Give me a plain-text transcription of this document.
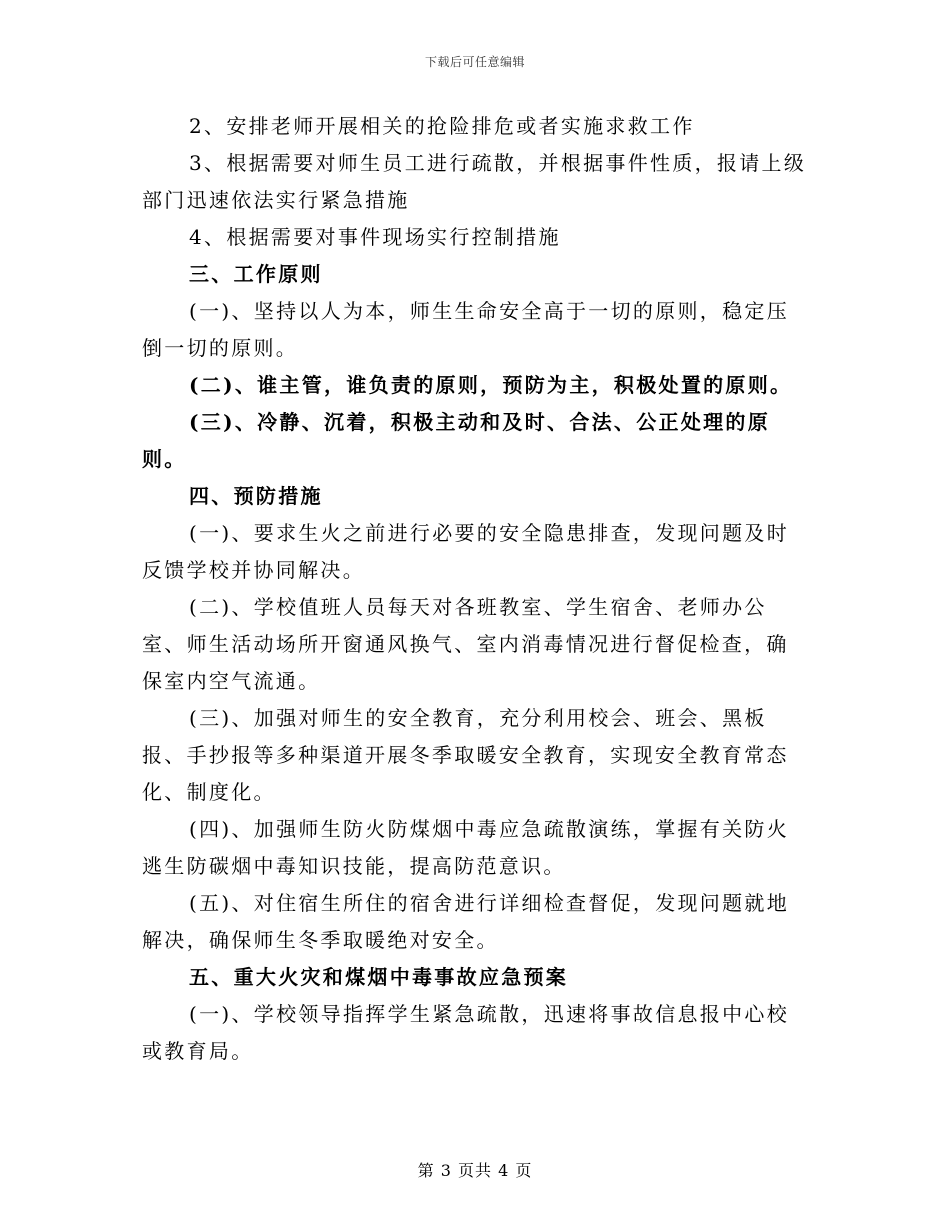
下载后可任意编辑

2、安排老师开展相关的抢险排危或者实施求救工作

3、根据需要对师生员工进行疏散，并根据事件性质，报请上级部门迅速依法实行紧急措施

4、根据需要对事件现场实行控制措施

三、工作原则

(一)、坚持以人为本，师生生命安全高于一切的原则，稳定压倒一切的原则。

(二)、谁主管，谁负责的原则，预防为主，积极处置的原则。

(三)、冷静、沉着，积极主动和及时、合法、公正处理的原则。

四、预防措施

(一)、要求生火之前进行必要的安全隐患排查，发现问题及时反馈学校并协同解决。

(二)、学校值班人员每天对各班教室、学生宿舍、老师办公室、师生活动场所开窗通风换气、室内消毒情况进行督促检查，确保室内空气流通。

(三)、加强对师生的安全教育，充分利用校会、班会、黑板报、手抄报等多种渠道开展冬季取暖安全教育，实现安全教育常态化、制度化。

(四)、加强师生防火防煤烟中毒应急疏散演练，掌握有关防火逃生防碳烟中毒知识技能，提高防范意识。

(五)、对住宿生所住的宿舍进行详细检查督促，发现问题就地解决，确保师生冬季取暖绝对安全。

五、重大火灾和煤烟中毒事故应急预案

(一)、学校领导指挥学生紧急疏散，迅速将事故信息报中心校或教育局。

第 3 页共 4 页
